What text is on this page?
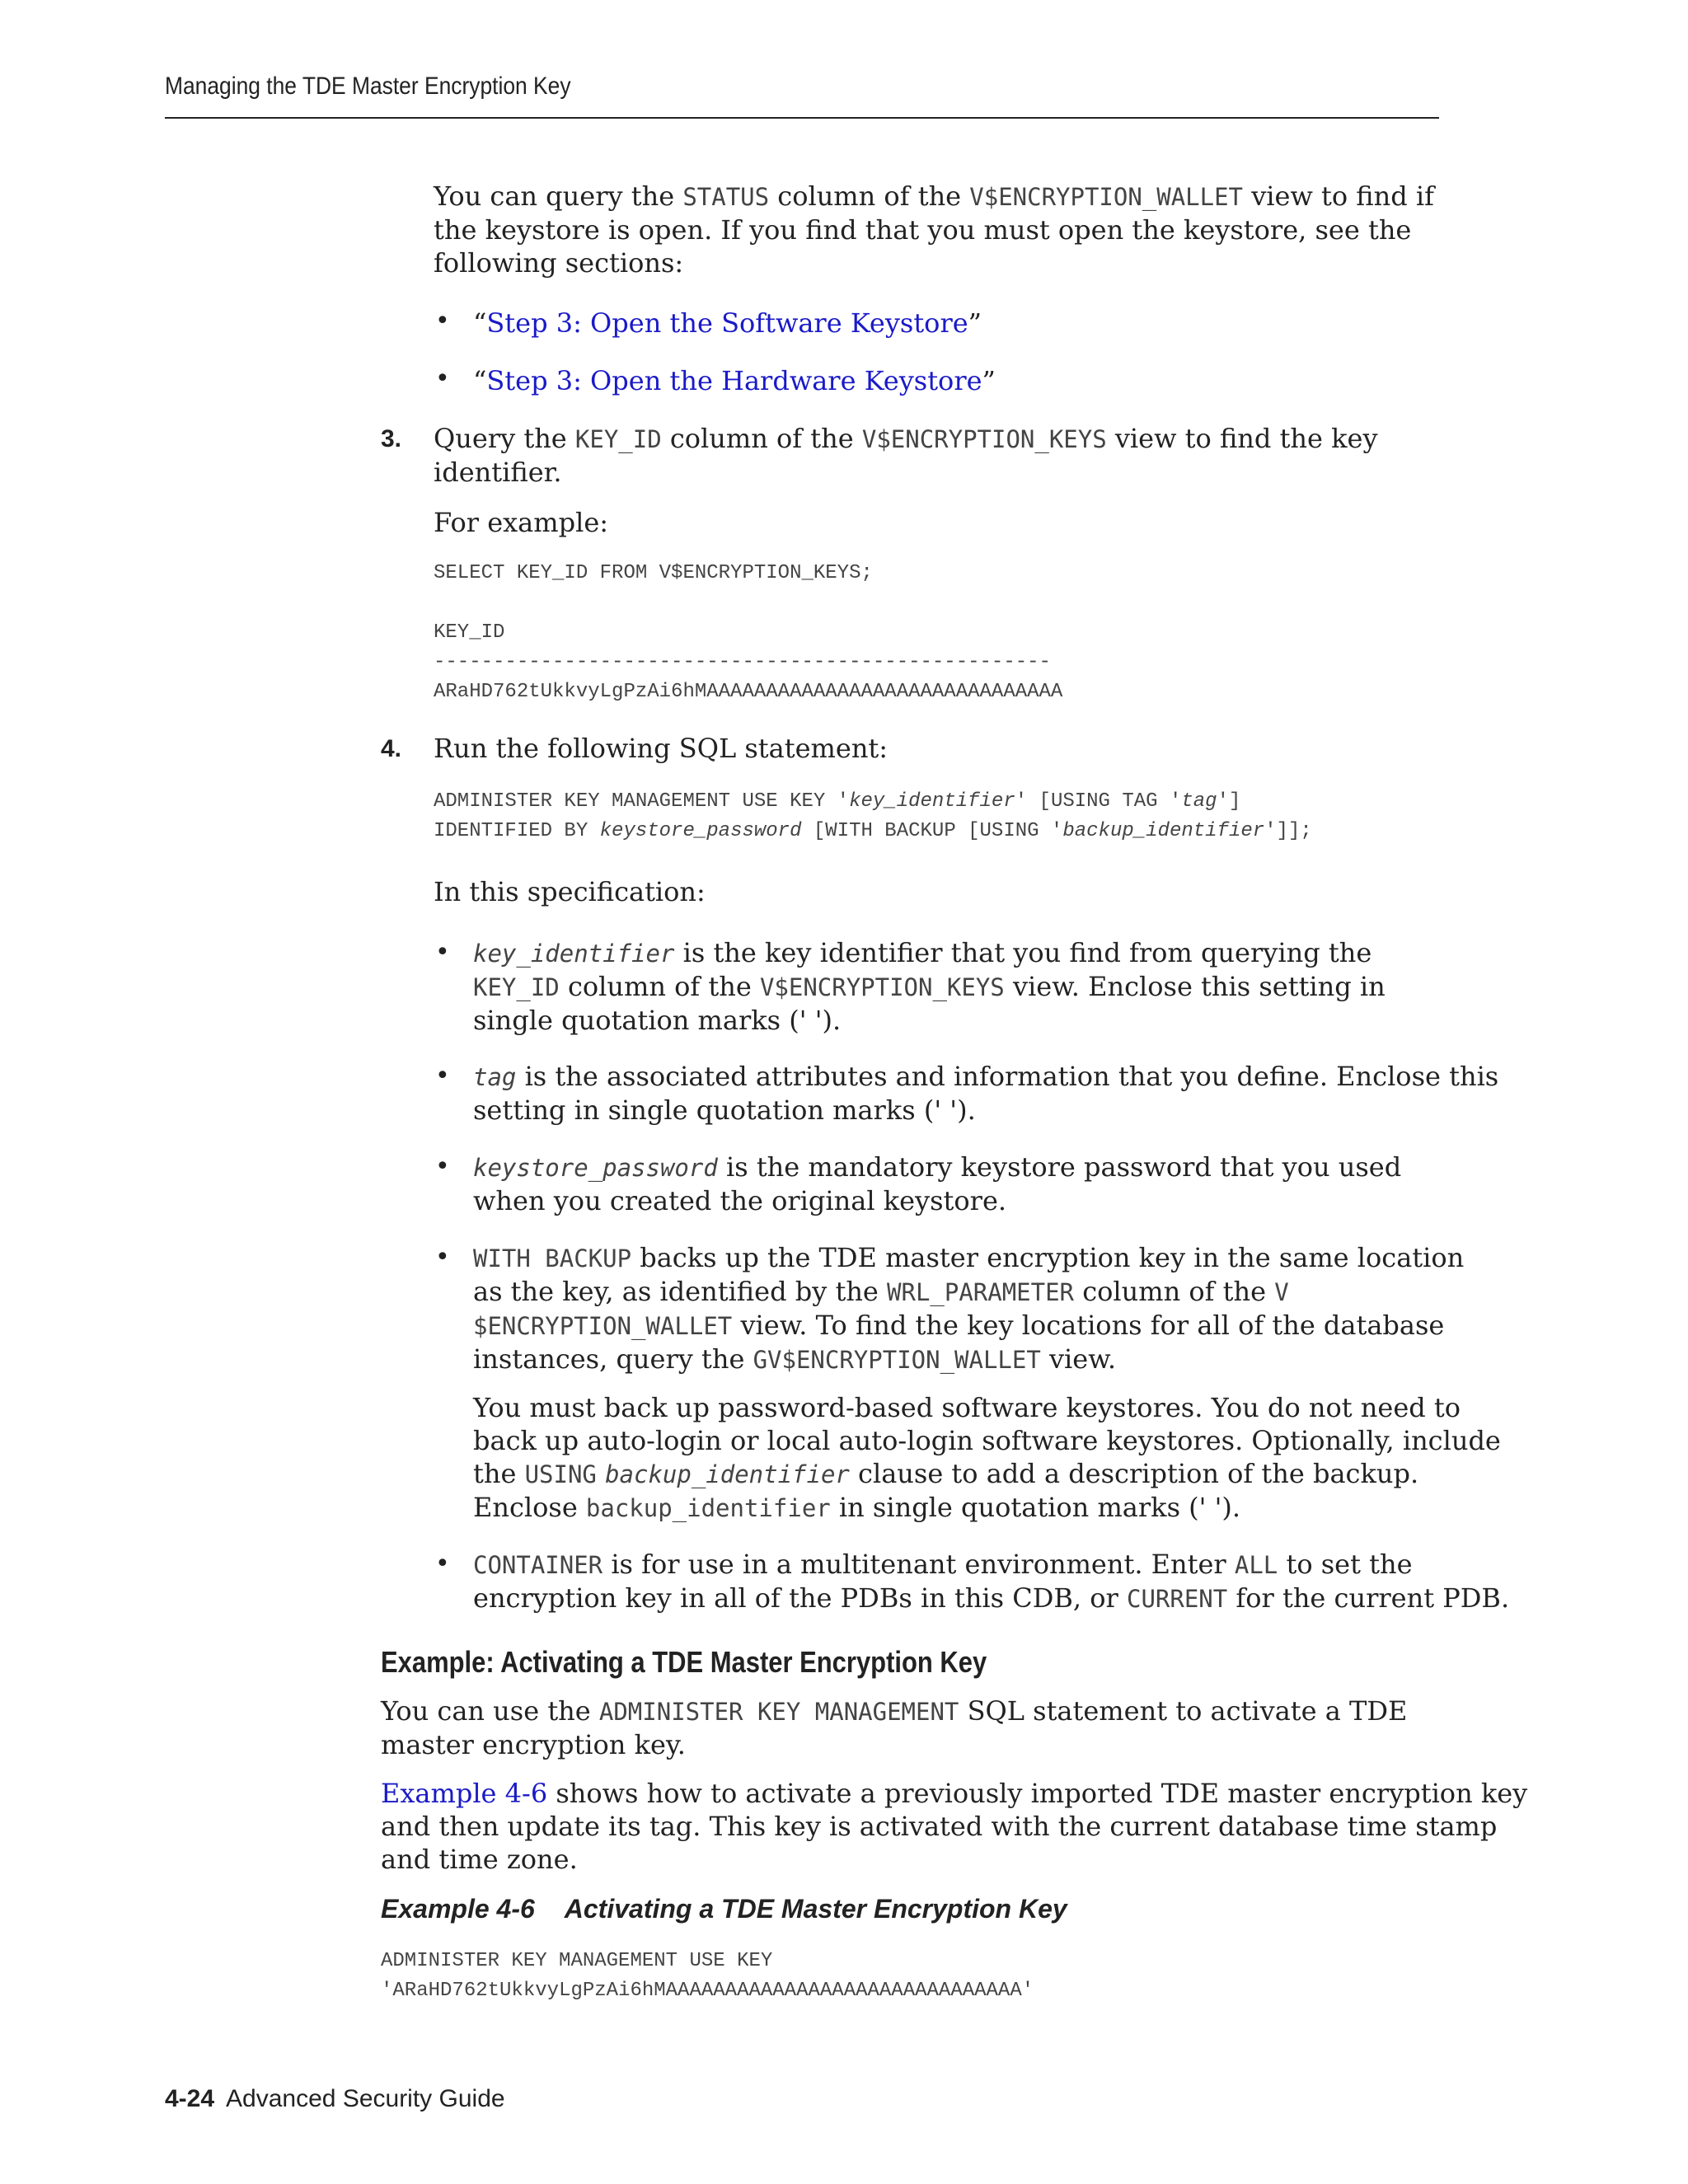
Managing the TDE Master Encryption Key

You can query the STATUS column of the V$ENCRYPTION_WALLET view to find if

the keystore is open. If you find that you must open the keystore, see the

following sections:

• “Step 3: Open the Software Keystore”

• “Step 3: Open the Hardware Keystore”

3. Query the KEY_ID column of the V$ENCRYPTION_KEYS view to find the key

identifier.

For example:

SELECT KEY_ID FROM V$ENCRYPTION_KEYS;

KEY_ID
----------------------------------------------------
ARaHD762tUkkvyLgPzAi6hMAAAAAAAAAAAAAAAAAAAAAAAAAAAAAA
4. Run the following SQL statement:

ADMINISTER KEY MANAGEMENT USE KEY 'key_identifier' [USING TAG 'tag']
IDENTIFIED BY keystore_password [WITH BACKUP [USING 'backup_identifier']];

In this specification:

• key_identifier is the key identifier that you find from querying the

KEY_ID column of the V$ENCRYPTION_KEYS view. Enclose this setting in

single quotation marks (' ').

• tag is the associated attributes and information that you define. Enclose this

setting in single quotation marks (' ').

• keystore_password is the mandatory keystore password that you used

when you created the original keystore.

• WITH BACKUP backs up the TDE master encryption key in the same location

as the key, as identified by the WRL_PARAMETER column of the V

$ENCRYPTION_WALLET view. To find the key locations for all of the database

instances, query the GV$ENCRYPTION_WALLET view.

You must back up password-based software keystores. You do not need to

back up auto-login or local auto-login software keystores. Optionally, include

the USING backup_identifier clause to add a description of the backup.

Enclose backup_identifier in single quotation marks (' ').

• CONTAINER is for use in a multitenant environment. Enter ALL to set the

encryption key in all of the PDBs in this CDB, or CURRENT for the current PDB.

Example: Activating a TDE Master Encryption Key

You can use the ADMINISTER KEY MANAGEMENT SQL statement to activate a TDE

master encryption key.

Example 4-6 shows how to activate a previously imported TDE master encryption key

and then update its tag. This key is activated with the current database time stamp

and time zone.

Example 4-6 Activating a TDE Master Encryption Key

ADMINISTER KEY MANAGEMENT USE KEY
'ARaHD762tUkkvyLgPzAi6hMAAAAAAAAAAAAAAAAAAAAAAAAAAAAAA'
4-24 Advanced Security Guide
